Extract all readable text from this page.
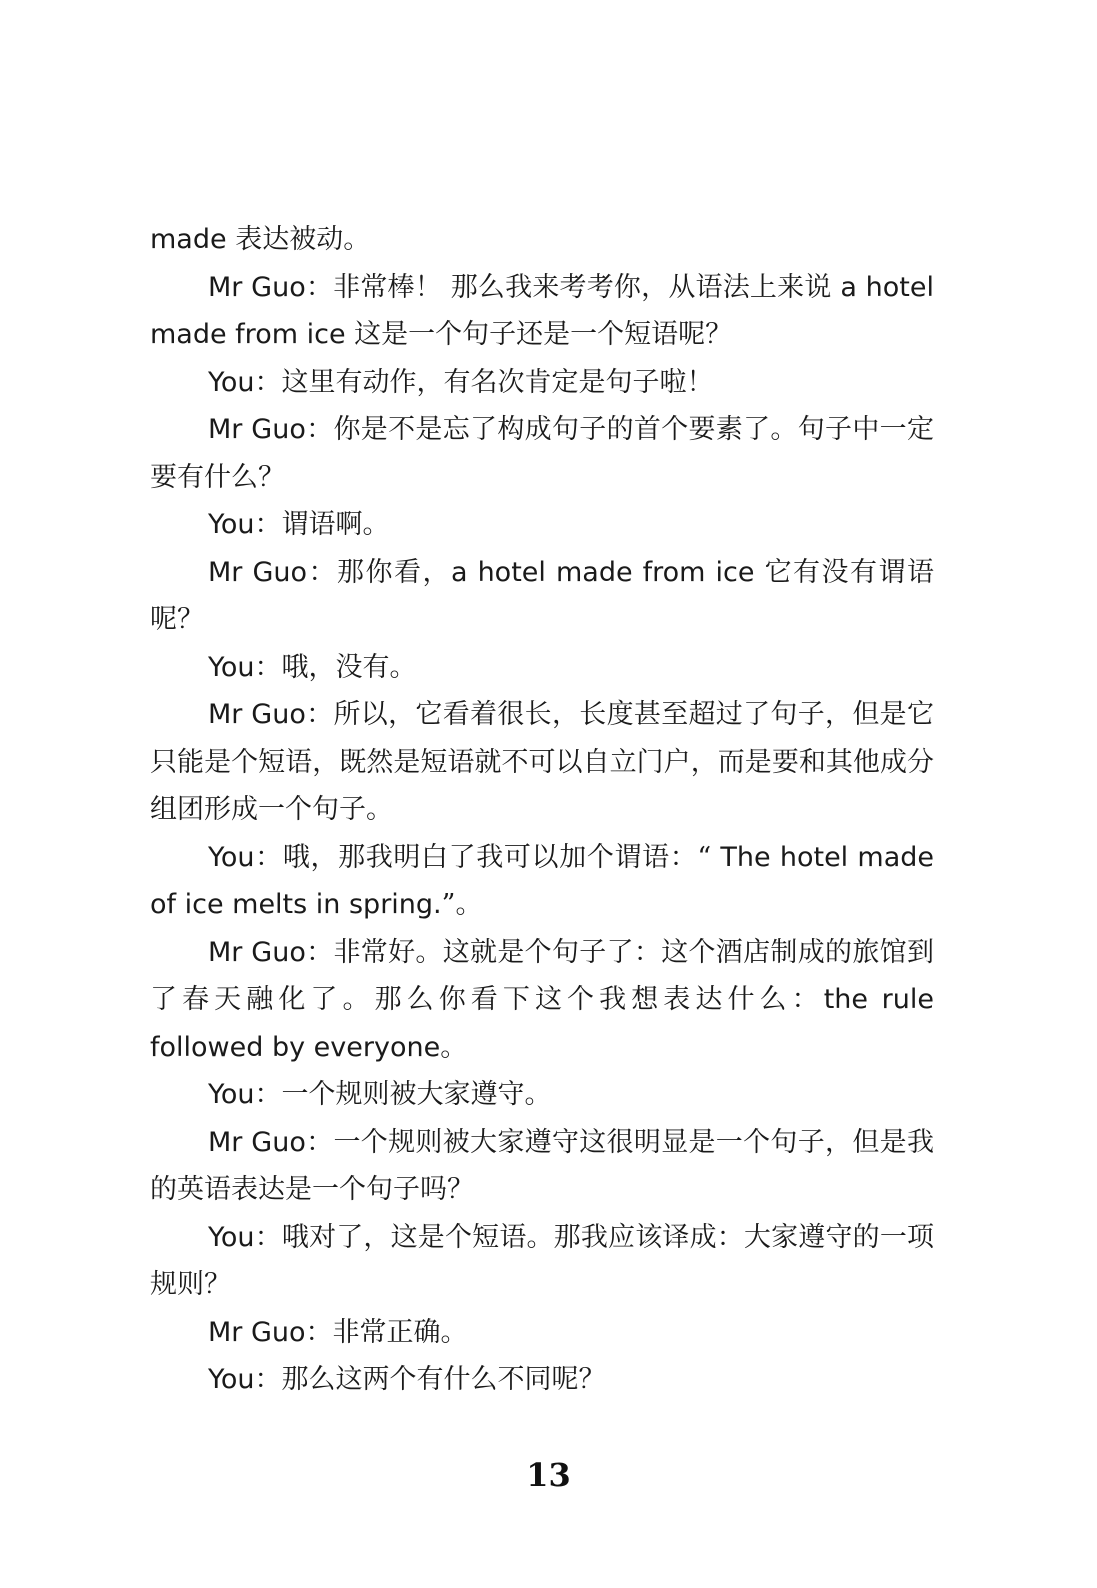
made 表达被动。

Mr Guo：非常棒！ 那么我来考考你，从语法上来说 a hotel made from ice 这是一个句子还是一个短语呢？

You：这里有动作，有名次肯定是句子啦！

Mr Guo：你是不是忘了构成句子的首个要素了。句子中一定要有什么？

You：谓语啊。

Mr Guo：那你看，a hotel made from ice 它有没有谓语呢？

You：哦，没有。

Mr Guo：所以，它看着很长，长度甚至超过了句子，但是它只能是个短语，既然是短语就不可以自立门户，而是要和其他成分组团形成一个句子。

You：哦，那我明白了我可以加个谓语：“ The hotel made of ice melts in spring.”。

Mr Guo：非常好。这就是个句子了：这个酒店制成的旅馆到了春天融化了。那么你看下这个我想表达什么：the rule followed by everyone。

You：一个规则被大家遵守。

Mr Guo：一个规则被大家遵守这很明显是一个句子，但是我的英语表达是一个句子吗？

You：哦对了，这是个短语。那我应该译成：大家遵守的一项规则？

Mr Guo：非常正确。

You：那么这两个有什么不同呢？

13
